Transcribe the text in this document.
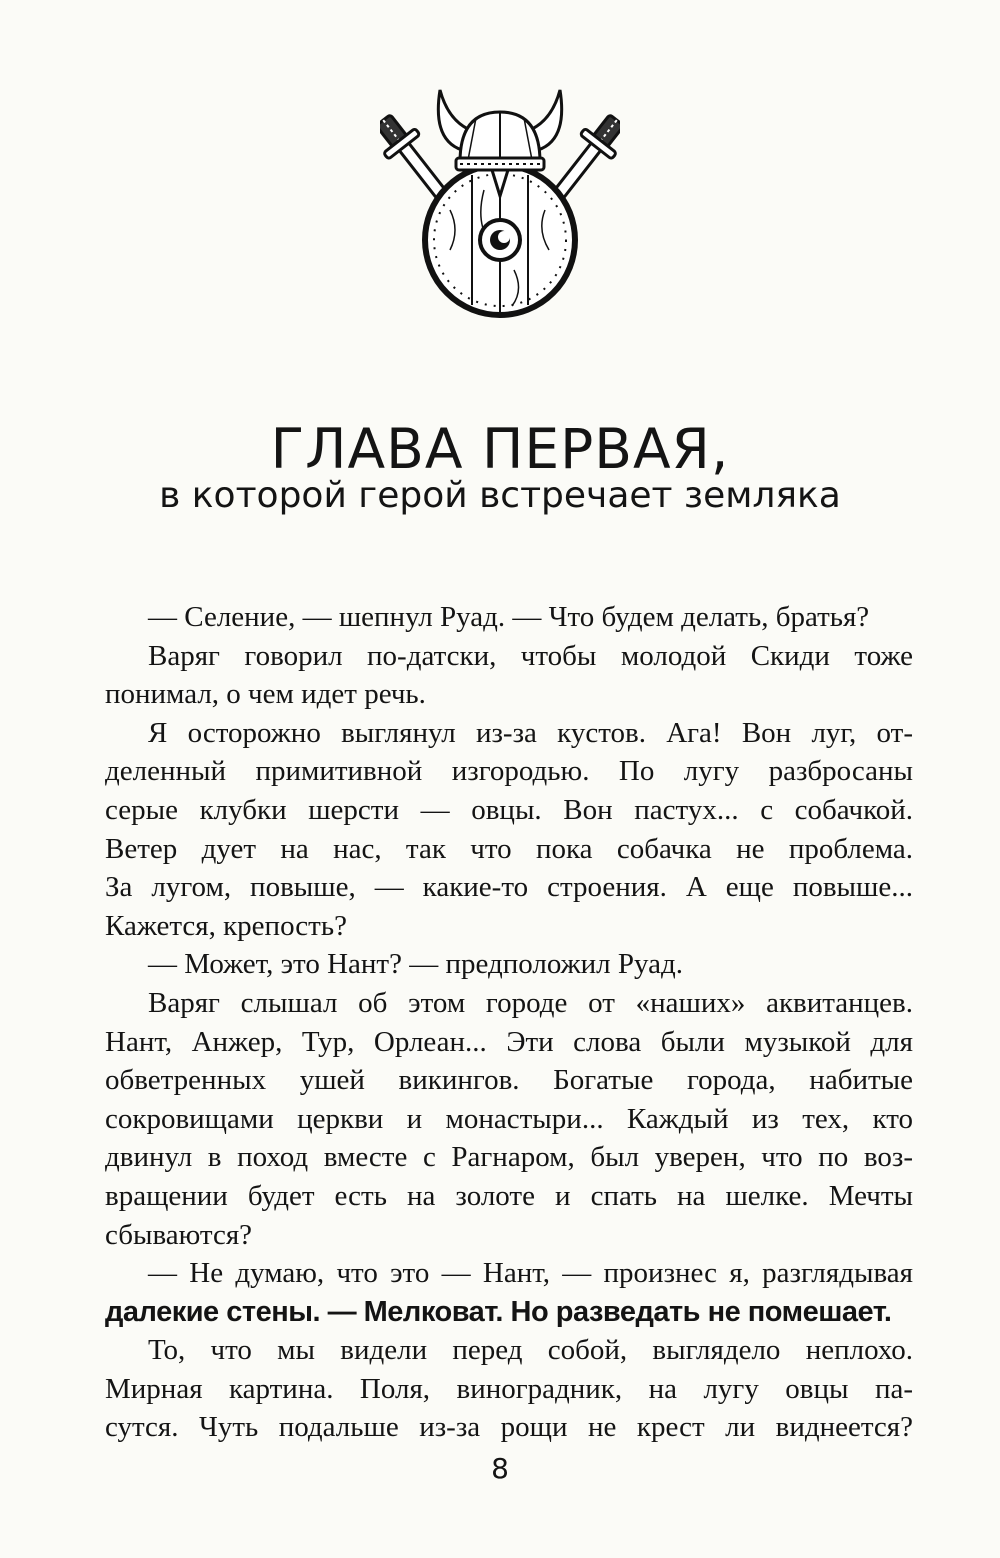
ГЛАВА ПЕРВАЯ,
в которой герой встречает земляка

— Селение, — шепнул Руад. — Что будем делать, братья?

Варяг говорил по-датски, чтобы молодой Скиди тоже
понимал, о чем идет речь.

Я осторожно выглянул из-за кустов. Ага! Вон луг, от-
деленный примитивной изгородью. По лугу разбросаны
серые клубки шерсти — овцы. Вон пастух... с собачкой.
Ветер дует на нас, так что пока собачка не проблема.
За лугом, повыше, — какие-то строения. А еще повыше...
Кажется, крепость?

— Может, это Нант? — предположил Руад.

Варяг слышал об этом городе от «наших» аквитанцев.
Нант, Анжер, Тур, Орлеан... Эти слова были музыкой для
обветренных ушей викингов. Богатые города, набитые
сокровищами церкви и монастыри... Каждый из тех, кто
двинул в поход вместе с Рагнаром, был уверен, что по воз-
вращении будет есть на золоте и спать на шелке. Мечты
сбываются?

— Не думаю, что это — Нант, — произнес я, разглядывая
далекие стены. — Мелковат. Но разведать не помешает.

То, что мы видели перед собой, выглядело неплохо.
Мирная картина. Поля, виноградник, на лугу овцы па-
сутся. Чуть подальше из-за рощи не крест ли виднеется?

8
